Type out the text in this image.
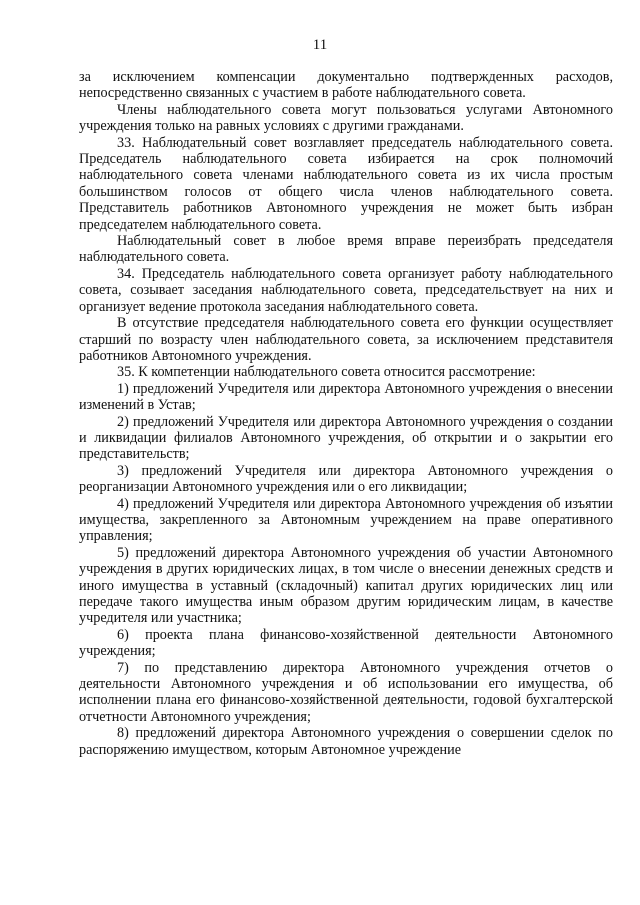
11

за исключением компенсации документально подтвержденных расходов, непосредственно связанных с участием в работе наблюдательного совета.

Члены наблюдательного совета могут пользоваться услугами Автономного учреждения только на равных условиях с другими гражданами.

33. Наблюдательный совет возглавляет председатель наблюдательного совета. Председатель наблюдательного совета избирается на срок полномочий наблюдательного совета членами наблюдательного совета из их числа простым большинством голосов от общего числа членов наблюдательного совета. Представитель работников Автономного учреждения не может быть избран председателем наблюдательного совета.

Наблюдательный совет в любое время вправе переизбрать председателя наблюдательного совета.

34. Председатель наблюдательного совета организует работу наблюдательного совета, созывает заседания наблюдательного совета, председательствует на них и организует ведение протокола заседания наблюдательного совета.

В отсутствие председателя наблюдательного совета его функции осуществляет старший по возрасту член наблюдательного совета, за исключением представителя работников Автономного учреждения.

35. К компетенции наблюдательного совета относится рассмотрение:

1) предложений Учредителя или директора Автономного учреждения о внесении изменений в Устав;

2) предложений Учредителя или директора Автономного учреждения о создании и ликвидации филиалов Автономного учреждения, об открытии и о закрытии его представительств;

3) предложений Учредителя или директора Автономного учреждения о реорганизации Автономного учреждения или о его ликвидации;

4) предложений Учредителя или директора Автономного учреждения об изъятии имущества, закрепленного за Автономным учреждением на праве оперативного управления;

5) предложений директора Автономного учреждения об участии Автономного учреждения в других юридических лицах, в том числе о внесении денежных средств и иного имущества в уставный (складочный) капитал других юридических лиц или передаче такого имущества иным образом другим юридическим лицам, в качестве учредителя или участника;

6) проекта плана финансово-хозяйственной деятельности Автономного учреждения;

7) по представлению директора Автономного учреждения отчетов о деятельности Автономного учреждения и об использовании его имущества, об исполнении плана его финансово-хозяйственной деятельности, годовой бухгалтерской отчетности Автономного учреждения;

8) предложений директора Автономного учреждения о совершении сделок по распоряжению имуществом, которым Автономное учреждение
